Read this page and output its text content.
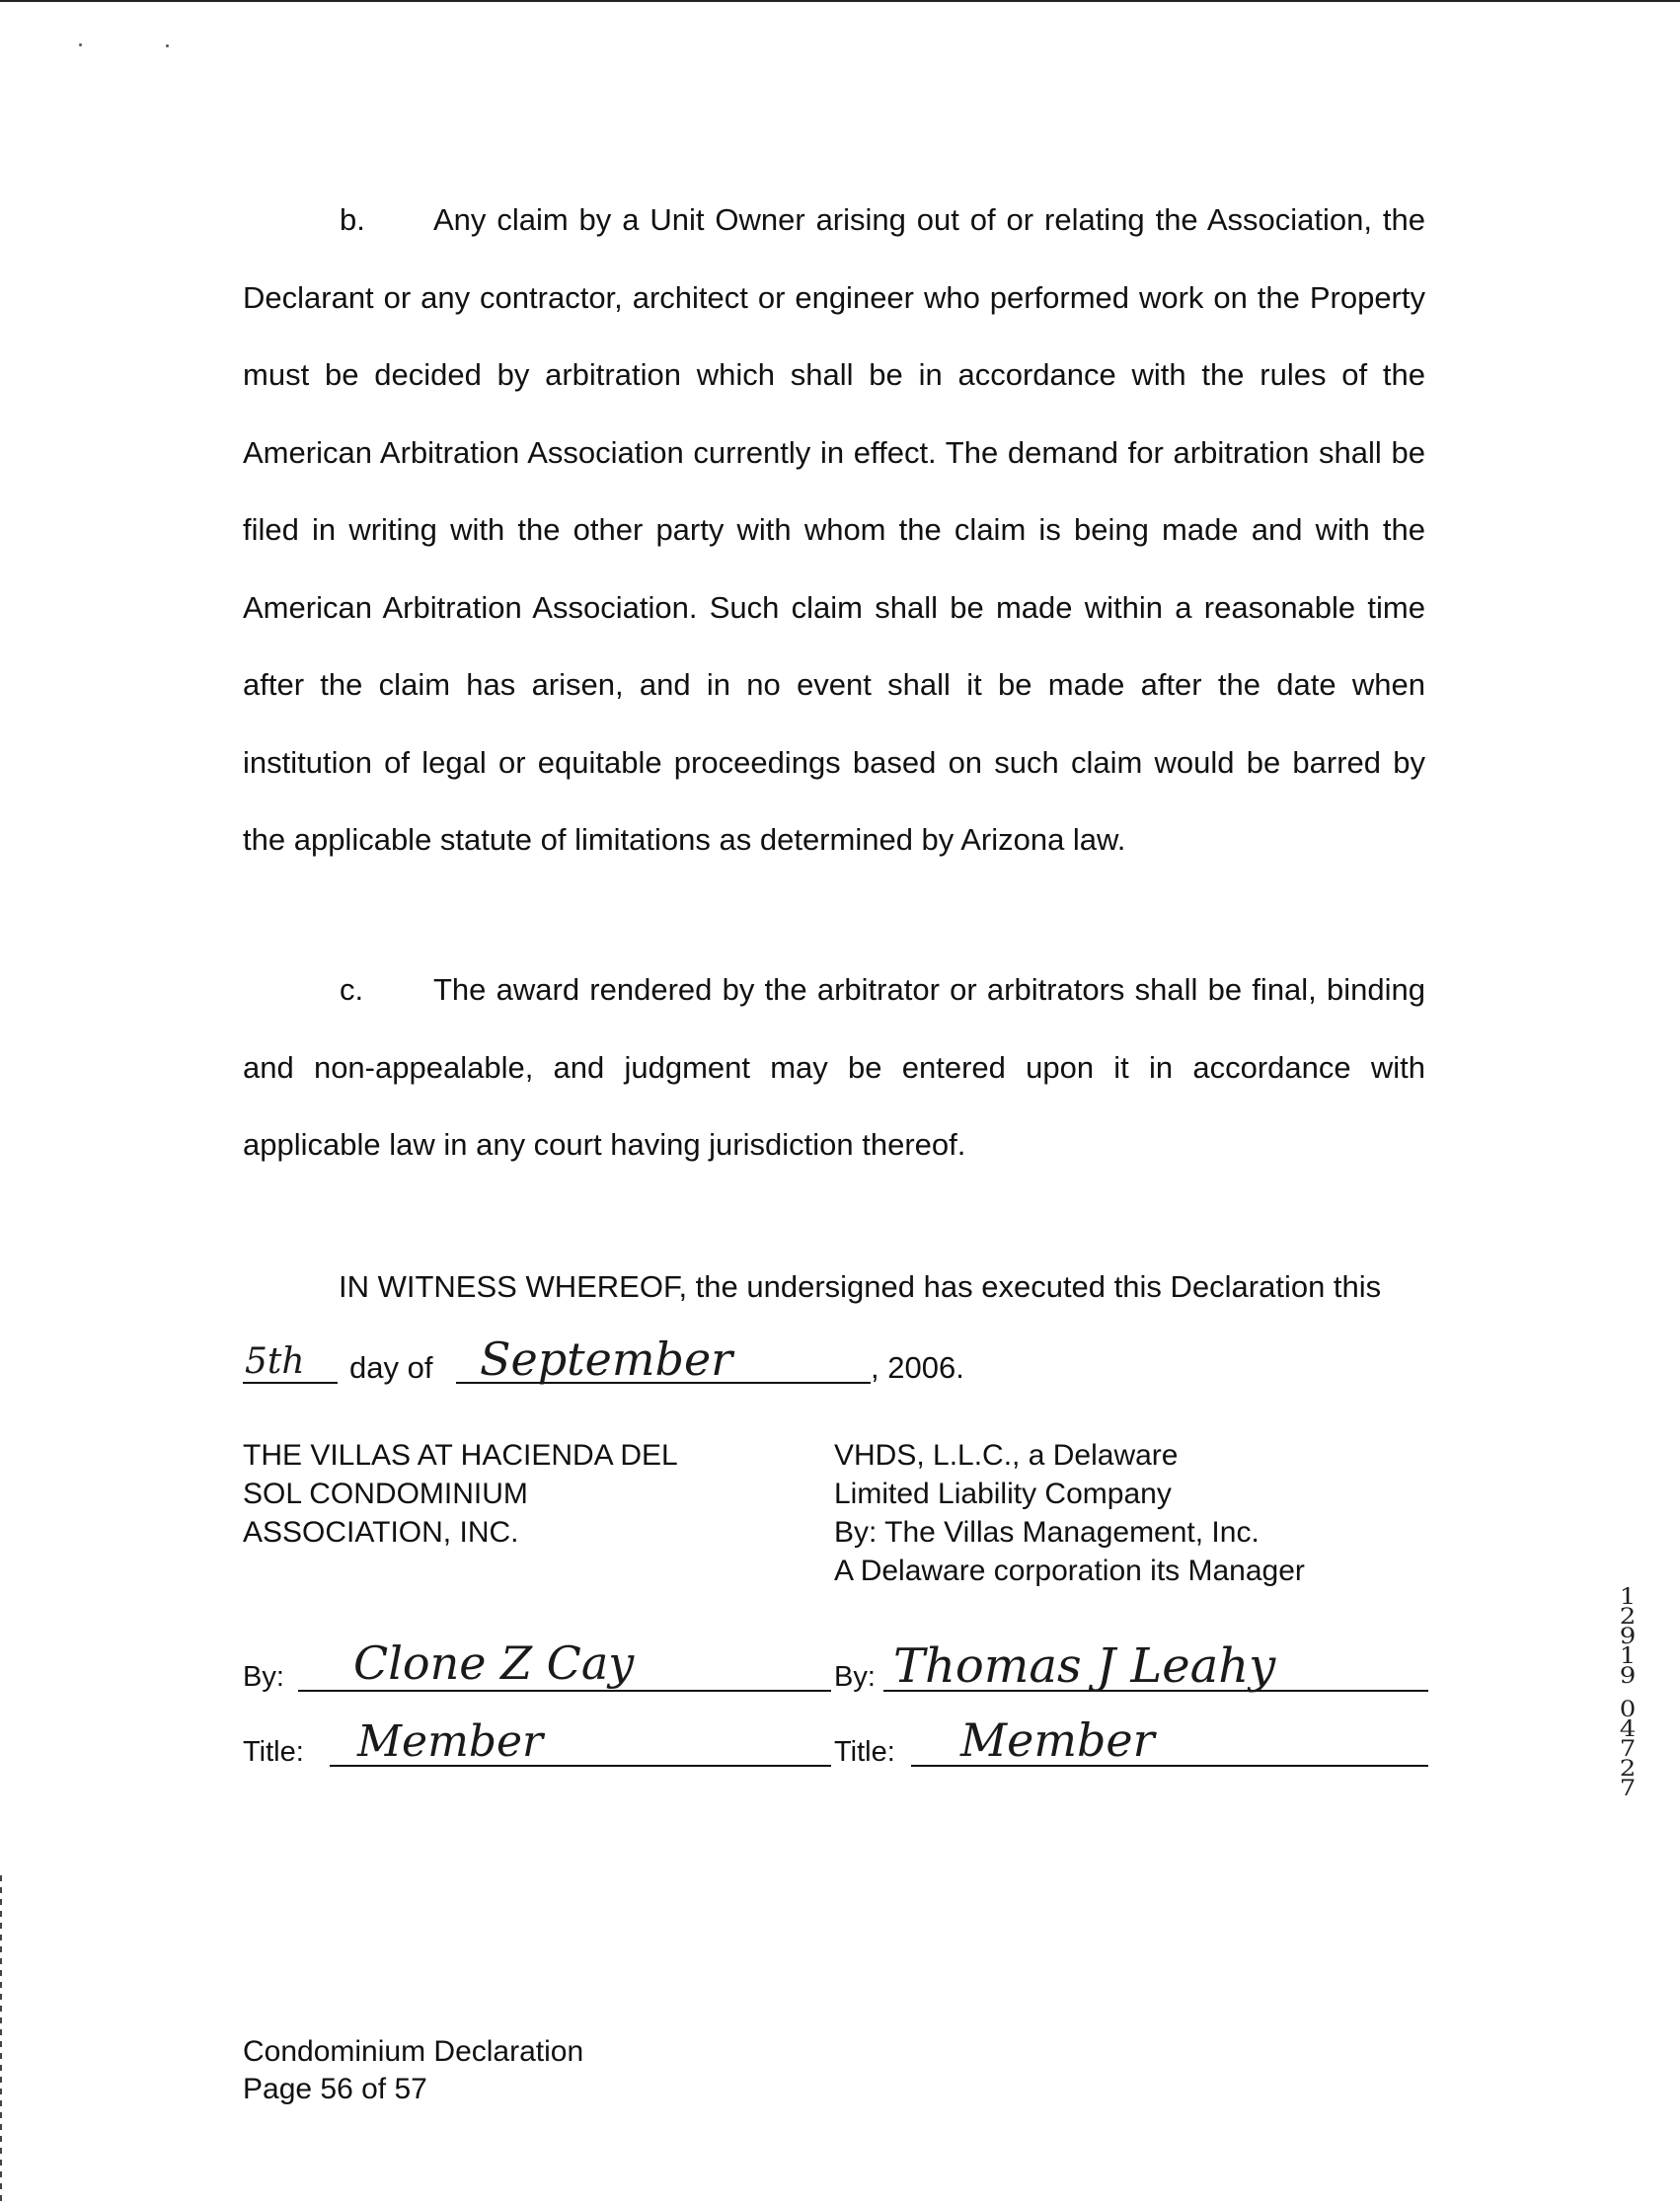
b. Any claim by a Unit Owner arising out of or relating the Association, the Declarant or any contractor, architect or engineer who performed work on the Property must be decided by arbitration which shall be in accordance with the rules of the American Arbitration Association currently in effect. The demand for arbitration shall be filed in writing with the other party with whom the claim is being made and with the American Arbitration Association. Such claim shall be made within a reasonable time after the claim has arisen, and in no event shall it be made after the date when institution of legal or equitable proceedings based on such claim would be barred by the applicable statute of limitations as determined by Arizona law.

c. The award rendered by the arbitrator or arbitrators shall be final, binding and non-appealable, and judgment may be entered upon it in accordance with applicable law in any court having jurisdiction thereof.

IN WITNESS WHEREOF, the undersigned has executed this Declaration this
5th day of September	, 2006.
THE VILLAS AT HACIENDA DEL
SOL CONDOMINIUM
ASSOCIATION, INC.
VHDS, L.L.C., a Delaware
Limited Liability Company
By: The Villas Management, Inc.
A Delaware corporation its Manager
By: Clone Z Cay
Title: Member
By: Thomas J Leahy
Title: Member
Condominium Declaration
Page 56 of 57
1
2
9
1
9
0
4
7
2
7
